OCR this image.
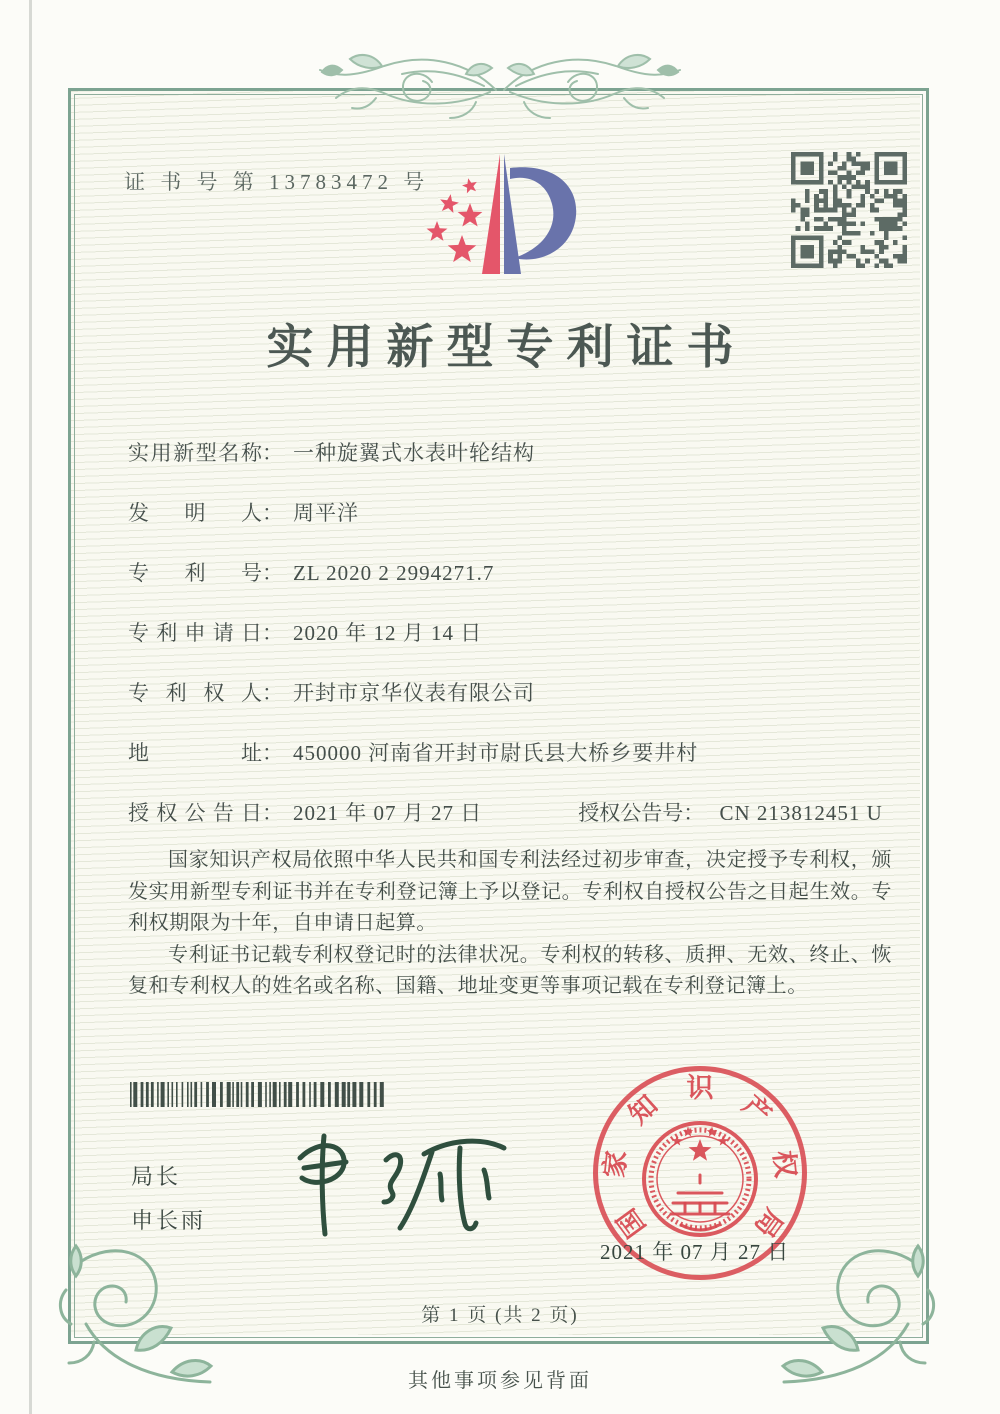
证 书 号 第 13783472 号
实用新型专利证书
实用新型名称 ： 一种旋翼式水表叶轮结构
发明人 ： 周平洋
专利号 ： ZL 2020 2 2994271.7
专利申请日 ： 2020 年 12 月 14 日
专利权人 ： 开封市京华仪表有限公司
地址 ： 450000 河南省开封市尉氏县大桥乡要井村
授权公告日 ： 2021 年 07 月 27 日	授权公告号： CN 213812451 U

国家知识产权局依照中华人民共和国专利法经过初步审查，决定授予专利权，颁发实用新型专利证书并在专利登记簿上予以登记。专利权自授权公告之日起生效。专利权期限为十年，自申请日起算。

专利证书记载专利权登记时的法律状况。专利权的转移、质押、无效、终止、恢复和专利权人的姓名或名称、国籍、地址变更等事项记载在专利登记簿上。

局长
申长雨	国
家
知
识
产
权
局
2021 年 07 月 27 日
第 1 页 (共 2 页)
其他事项参见背面
